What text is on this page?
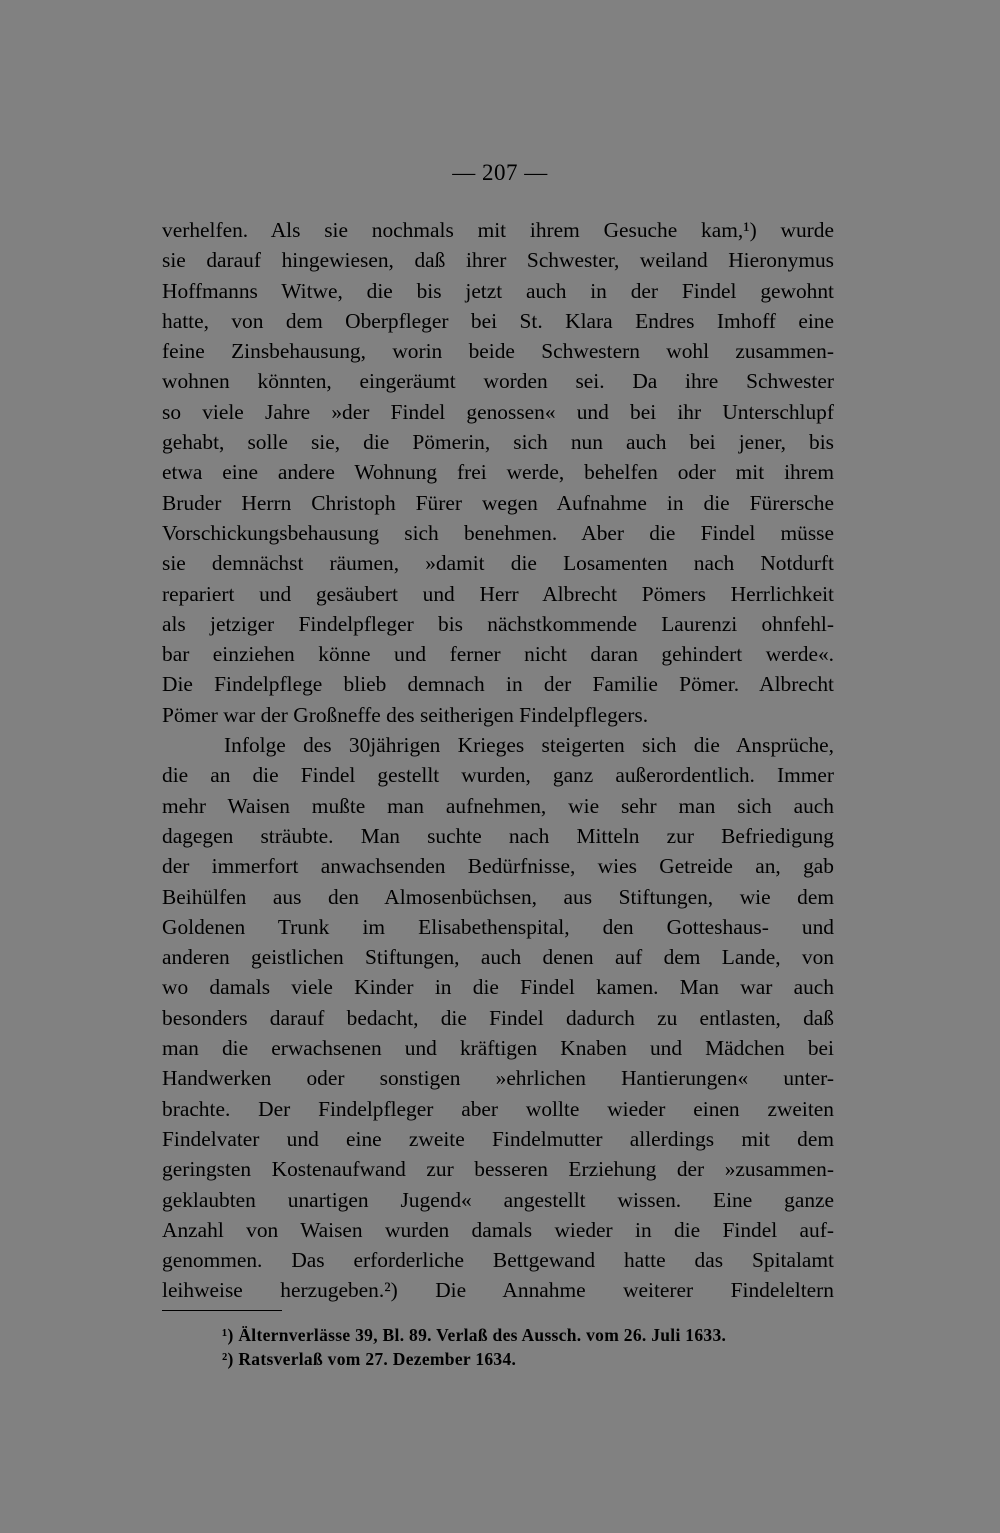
— 207 —
verhelfen. Als sie nochmals mit ihrem Gesuche kam,¹) wurde
sie darauf hingewiesen, daß ihrer Schwester, weiland Hieronymus
Hoffmanns Witwe, die bis jetzt auch in der Findel gewohnt
hatte, von dem Oberpfleger bei St. Klara Endres Imhoff eine
feine Zinsbehausung, worin beide Schwestern wohl zusammen-
wohnen könnten, eingeräumt worden sei. Da ihre Schwester
so viele Jahre »der Findel genossen« und bei ihr Unterschlupf
gehabt, solle sie, die Pömerin, sich nun auch bei jener, bis
etwa eine andere Wohnung frei werde, behelfen oder mit ihrem
Bruder Herrn Christoph Fürer wegen Aufnahme in die Fürersche
Vorschickungsbehausung sich benehmen. Aber die Findel müsse
sie demnächst räumen, »damit die Losamenten nach Notdurft
repariert und gesäubert und Herr Albrecht Pömers Herrlichkeit
als jetziger Findelpfleger bis nächstkommende Laurenzi ohnfehl-
bar einziehen könne und ferner nicht daran gehindert werde«.
Die Findelpflege blieb demnach in der Familie Pömer. Albrecht
Pömer war der Großneffe des seitherigen Findelpflegers.
Infolge des 30jährigen Krieges steigerten sich die Ansprüche,
die an die Findel gestellt wurden, ganz außerordentlich. Immer
mehr Waisen mußte man aufnehmen, wie sehr man sich auch
dagegen sträubte. Man suchte nach Mitteln zur Befriedigung
der immerfort anwachsenden Bedürfnisse, wies Getreide an, gab
Beihülfen aus den Almosenbüchsen, aus Stiftungen, wie dem
Goldenen Trunk im Elisabethenspital, den Gotteshaus- und
anderen geistlichen Stiftungen, auch denen auf dem Lande, von
wo damals viele Kinder in die Findel kamen. Man war auch
besonders darauf bedacht, die Findel dadurch zu entlasten, daß
man die erwachsenen und kräftigen Knaben und Mädchen bei
Handwerken oder sonstigen »ehrlichen Hantierungen« unter-
brachte. Der Findelpfleger aber wollte wieder einen zweiten
Findelvater und eine zweite Findelmutter allerdings mit dem
geringsten Kostenaufwand zur besseren Erziehung der »zusammen-
geklaubten unartigen Jugend« angestellt wissen. Eine ganze
Anzahl von Waisen wurden damals wieder in die Findel auf-
genommen. Das erforderliche Bettgewand hatte das Spitalamt
leihweise herzugeben.²) Die Annahme weiterer Findeleltern
¹) Älternverlässe 39, Bl. 89. Verlaß des Aussch. vom 26. Juli 1633.
²) Ratsverlaß vom 27. Dezember 1634.
